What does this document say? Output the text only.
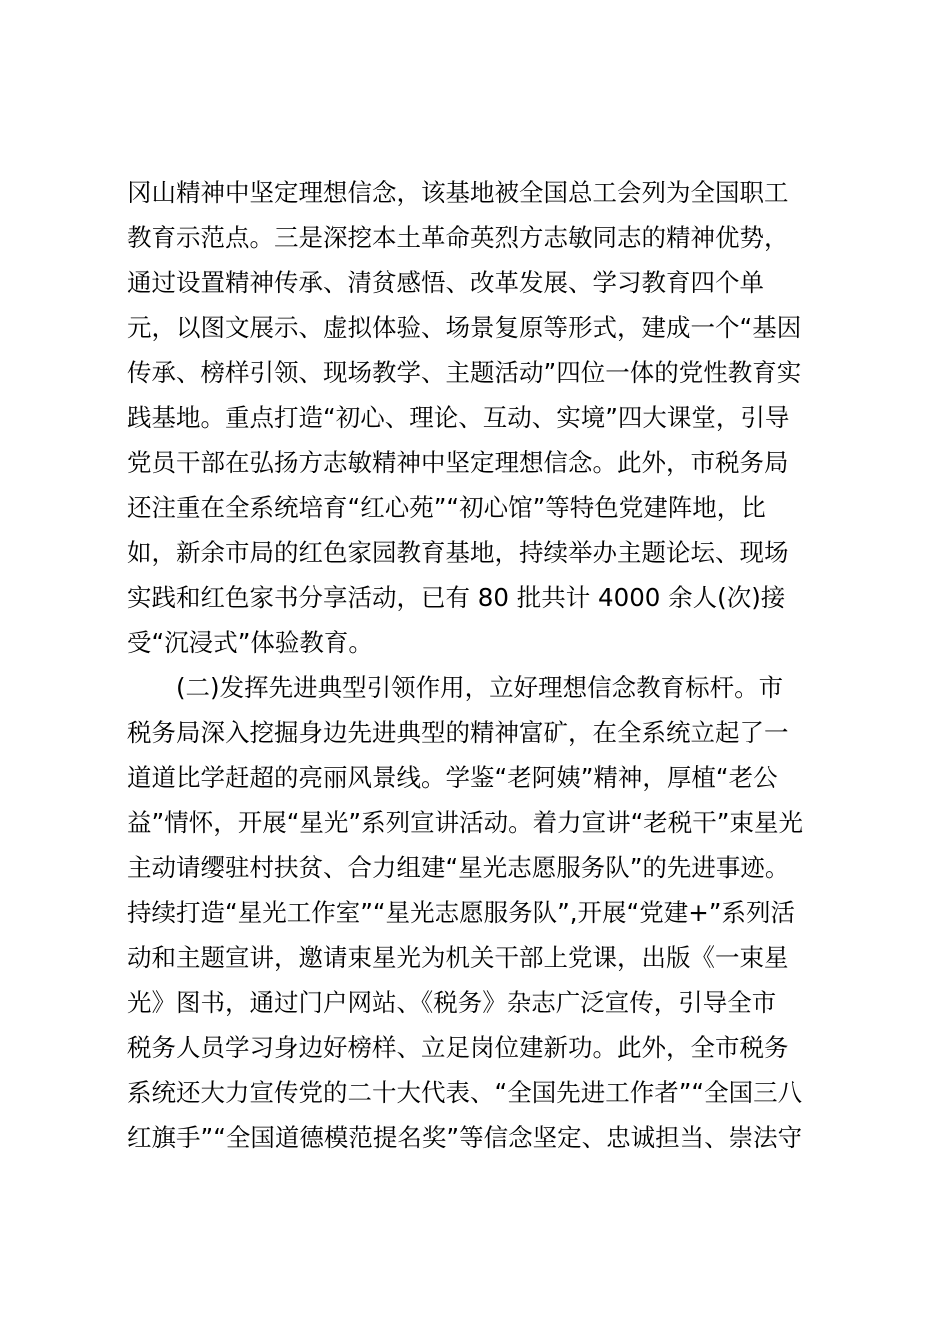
冈山精神中坚定理想信念，该基地被全国总工会列为全国职工
教育示范点。三是深挖本土革命英烈方志敏同志的精神优势，
通过设置精神传承、清贫感悟、改革发展、学习教育四个单
元，以图文展示、虚拟体验、场景复原等形式，建成一个“基因
传承、榜样引领、现场教学、主题活动”四位一体的党性教育实
践基地。重点打造“初心、理论、互动、实境”四大课堂，引导
党员干部在弘扬方志敏精神中坚定理想信念。此外，市税务局
还注重在全系统培育“红心苑”“初心馆”等特色党建阵地，比
如，新余市局的红色家园教育基地，持续举办主题论坛、现场
实践和红色家书分享活动，已有 80 批共计 4000 余人(次)接
受“沉浸式”体验教育。
(二)发挥先进典型引领作用，立好理想信念教育标杆。市
税务局深入挖掘身边先进典型的精神富矿，在全系统立起了一
道道比学赶超的亮丽风景线。学鉴“老阿姨”精神，厚植“老公
益”情怀，开展“星光”系列宣讲活动。着力宣讲“老税干”束星光
主动请缨驻村扶贫、合力组建“星光志愿服务队”的先进事迹。
持续打造“星光工作室”“星光志愿服务队”,开展“党建+”系列活
动和主题宣讲，邀请束星光为机关干部上党课，出版《一束星
光》图书，通过门户网站、《税务》杂志广泛宣传，引导全市
税务人员学习身边好榜样、立足岗位建新功。此外，全市税务
系统还大力宣传党的二十大代表、“全国先进工作者”“全国三八
红旗手”“全国道德模范提名奖”等信念坚定、忠诚担当、崇法守
